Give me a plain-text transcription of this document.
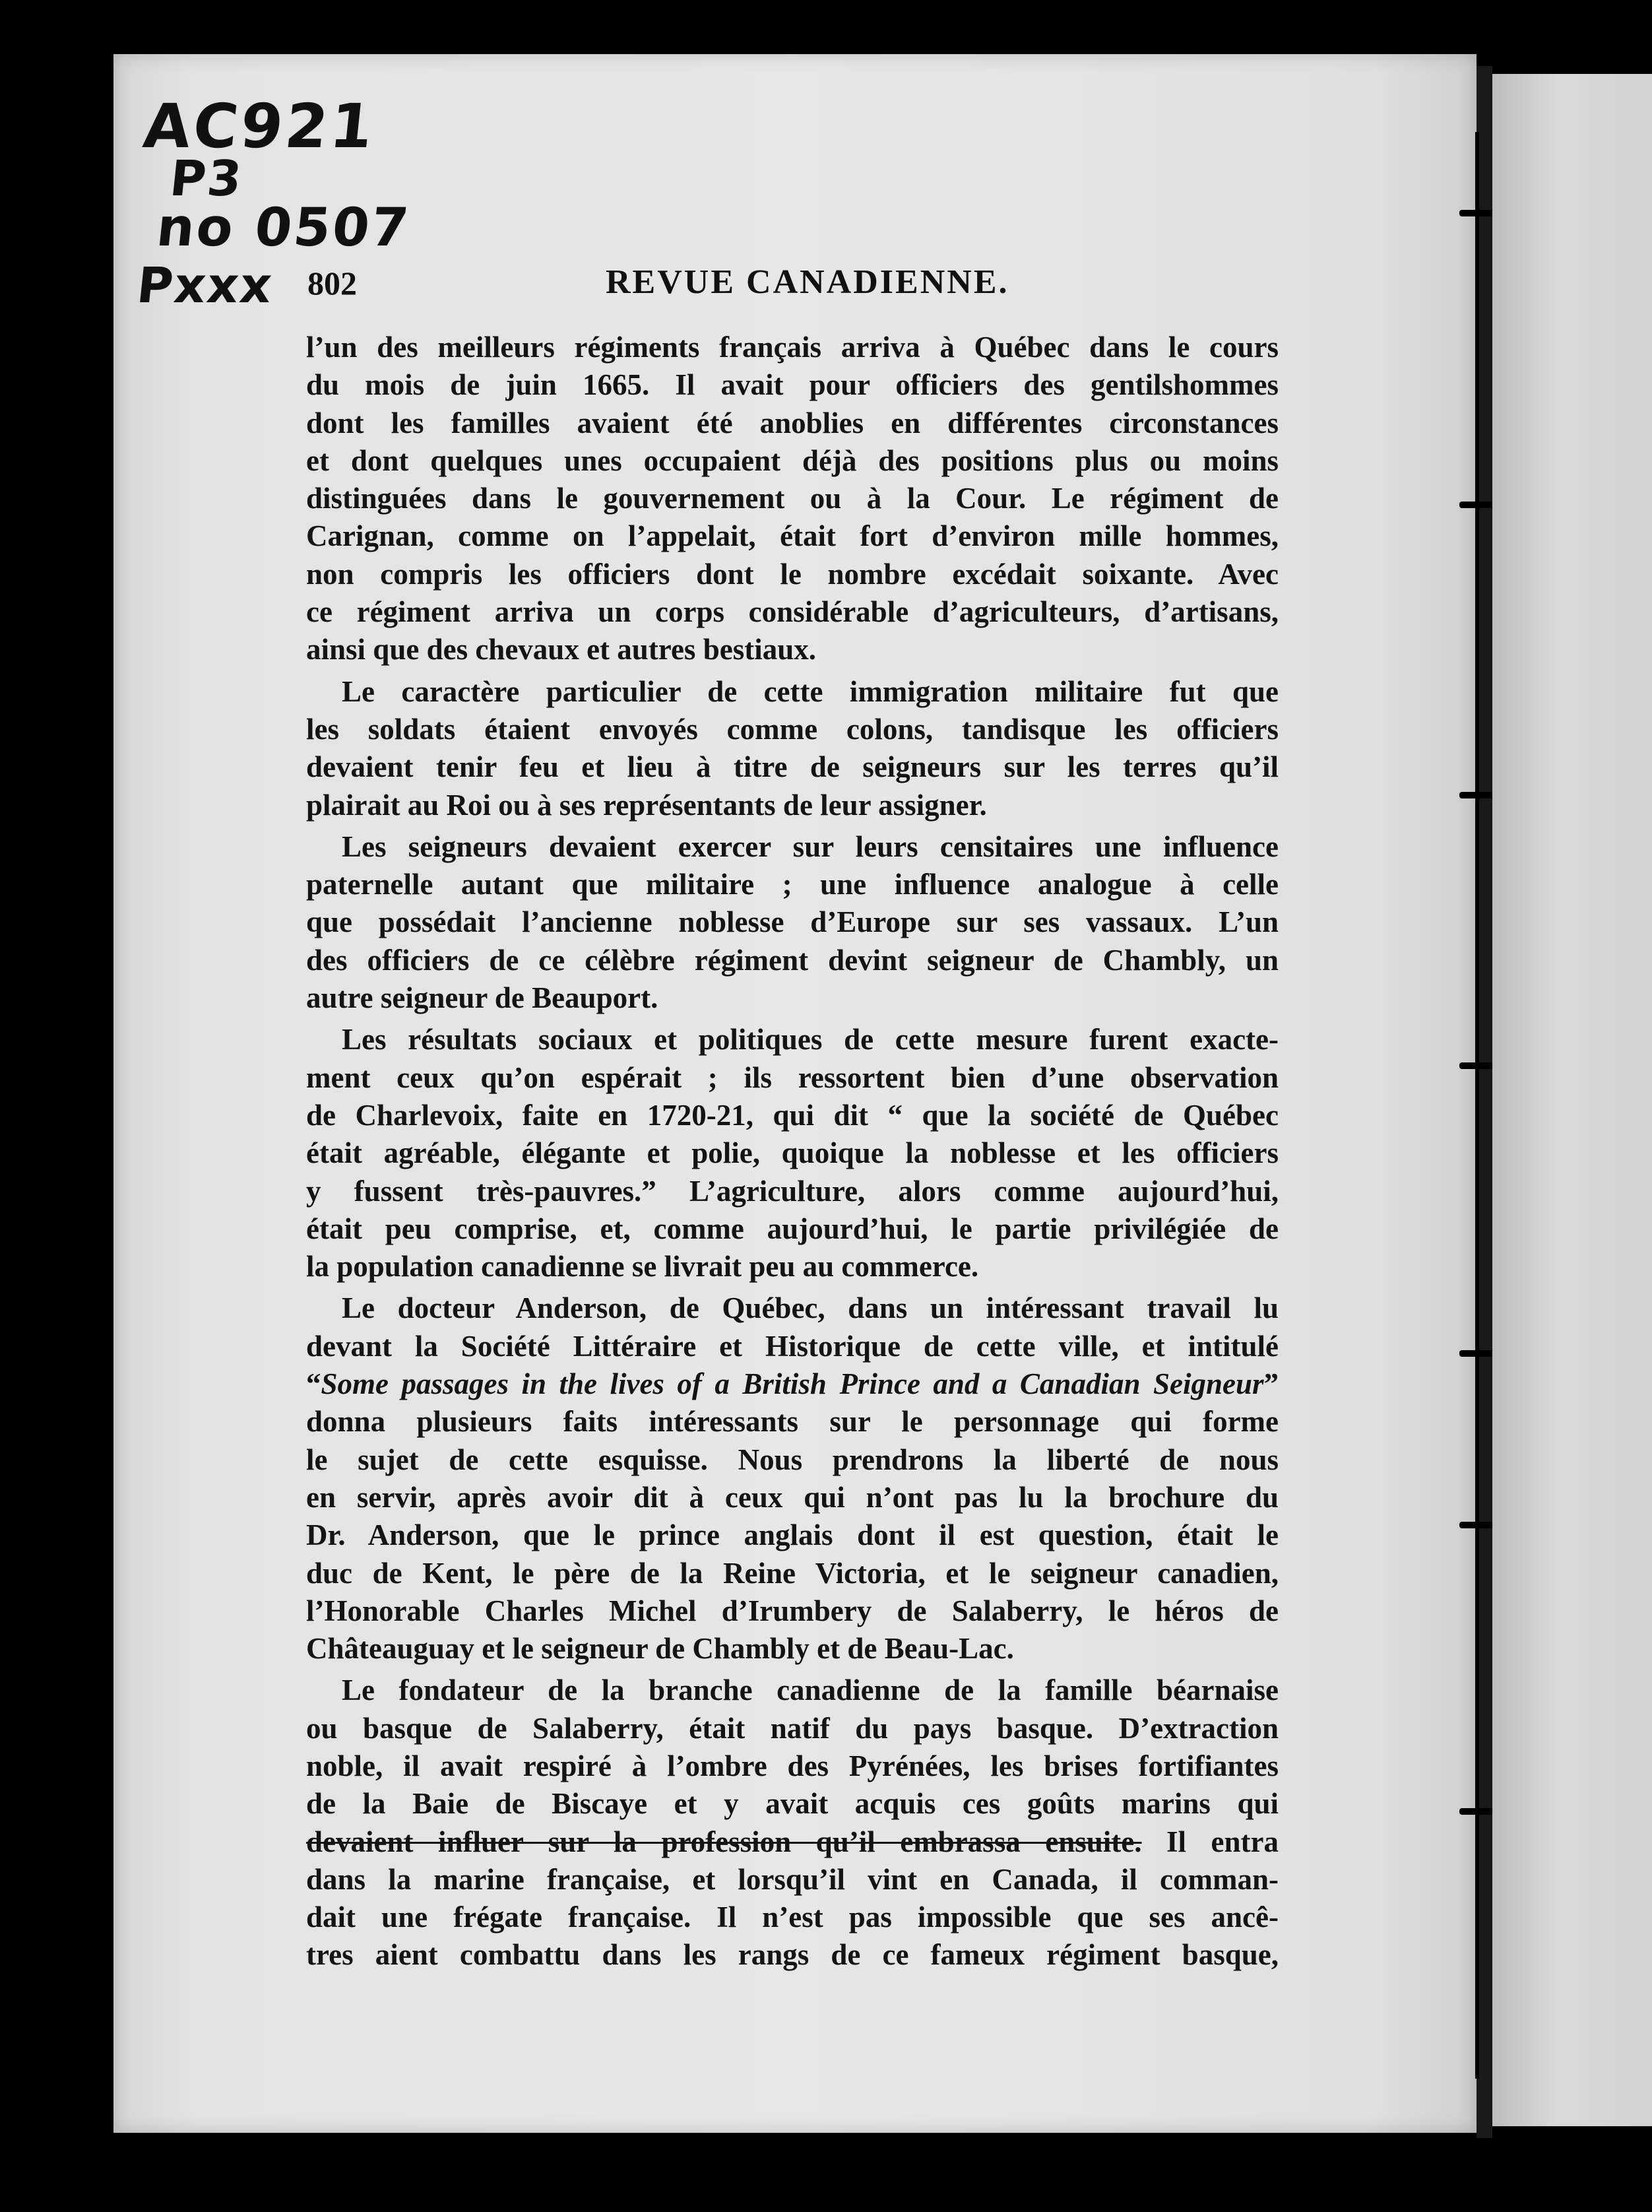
AC921
P3
no 0507
Pxxx 802	REVUE CANADIENNE.
l’un des meilleurs régiments français arriva à Québec dans le cours
du mois de juin 1665. Il avait pour officiers des gentilshommes
dont les familles avaient été anoblies en différentes circonstances
et dont quelques unes occupaient déjà des positions plus ou moins
distinguées dans le gouvernement ou à la Cour. Le régiment de
Carignan, comme on l’appelait, était fort d’environ mille hommes,
non compris les officiers dont le nombre excédait soixante. Avec
ce régiment arriva un corps considérable d’agriculteurs, d’artisans,
ainsi que des chevaux et autres bestiaux.
Le caractère particulier de cette immigration militaire fut que
les soldats étaient envoyés comme colons, tandisque les officiers
devaient tenir feu et lieu à titre de seigneurs sur les terres qu’il
plairait au Roi ou à ses représentants de leur assigner.
Les seigneurs devaient exercer sur leurs censitaires une influence
paternelle autant que militaire ; une influence analogue à celle
que possédait l’ancienne noblesse d’Europe sur ses vassaux. L’un
des officiers de ce célèbre régiment devint seigneur de Chambly, un
autre seigneur de Beauport.
Les résultats sociaux et politiques de cette mesure furent exacte-
ment ceux qu’on espérait ; ils ressortent bien d’une observation
de Charlevoix, faite en 1720-21, qui dit “ que la société de Québec
était agréable, élégante et polie, quoique la noblesse et les officiers
y fussent très-pauvres.” L’agriculture, alors comme aujourd’hui,
était peu comprise, et, comme aujourd’hui, le partie privilégiée de
la population canadienne se livrait peu au commerce.
Le docteur Anderson, de Québec, dans un intéressant travail lu
devant la Société Littéraire et Historique de cette ville, et intitulé
“Some passages in the lives of a British Prince and a Canadian Seigneur”
donna plusieurs faits intéressants sur le personnage qui forme
le sujet de cette esquisse. Nous prendrons la liberté de nous
en servir, après avoir dit à ceux qui n’ont pas lu la brochure du
Dr. Anderson, que le prince anglais dont il est question, était le
duc de Kent, le père de la Reine Victoria, et le seigneur canadien,
l’Honorable Charles Michel d’Irumbery de Salaberry, le héros de
Châteauguay et le seigneur de Chambly et de Beau-Lac.
Le fondateur de la branche canadienne de la famille béarnaise
ou basque de Salaberry, était natif du pays basque. D’extraction
noble, il avait respiré à l’ombre des Pyrénées, les brises fortifiantes
de la Baie de Biscaye et y avait acquis ces goûts marins qui
devaient influer sur la profession qu’il embrassa ensuite. Il entra
dans la marine française, et lorsqu’il vint en Canada, il comman-
dait une frégate française. Il n’est pas impossible que ses ancê-
tres aient combattu dans les rangs de ce fameux régiment basque,
